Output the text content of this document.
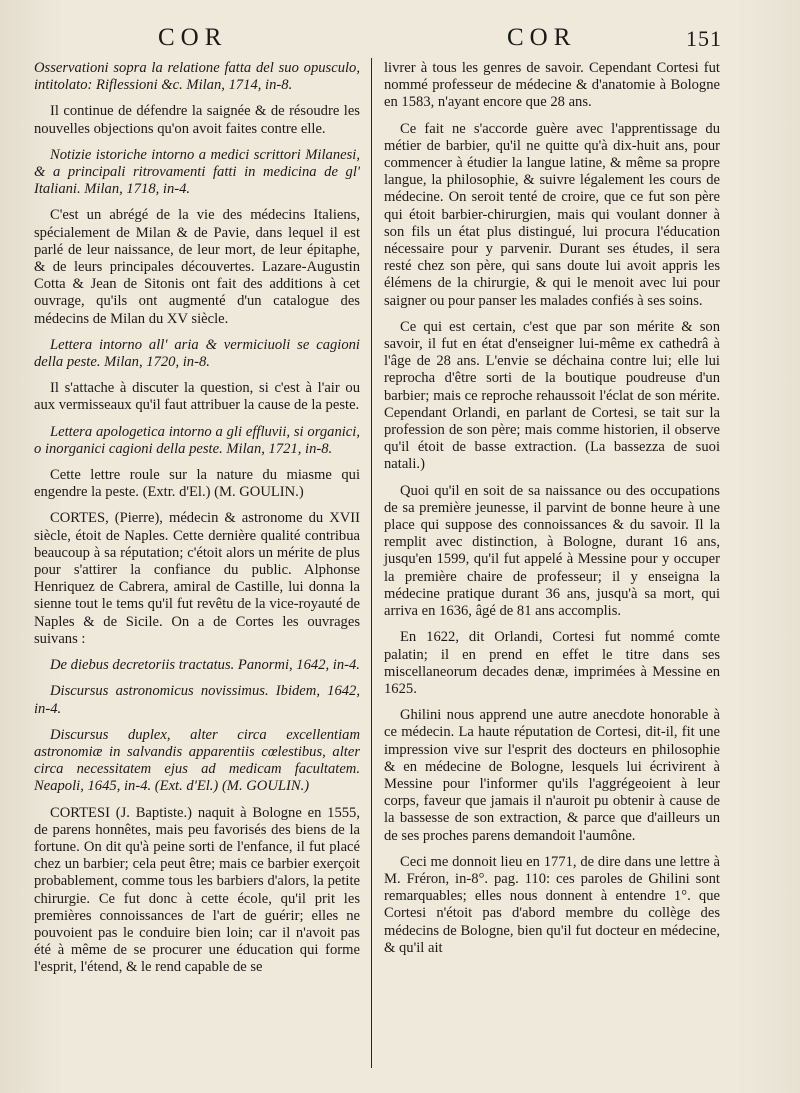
COR	COR	151

Osservationi sopra la relatione fatta del suo opusculo, intitolato: Riflessioni &c. Milan, 1714, in-8.

Il continue de défendre la saignée & de résoudre les nouvelles objections qu'on avoit faites contre elle.

Notizie istoriche intorno a medici scrittori Milanesi, & a principali ritrovamenti fatti in medicina de gl' Italiani. Milan, 1718, in-4.

C'est un abrégé de la vie des médecins Italiens, spécialement de Milan & de Pavie, dans lequel il est parlé de leur naissance, de leur mort, de leur épitaphe, & de leurs principales découvertes. Lazare-Augustin Cotta & Jean de Sitonis ont fait des additions à cet ouvrage, qu'ils ont augmenté d'un catalogue des médecins de Milan du XV siècle.

Lettera intorno all' aria & vermiciuoli se cagioni della peste. Milan, 1720, in-8.

Il s'attache à discuter la question, si c'est à l'air ou aux vermisseaux qu'il faut attribuer la cause de la peste.

Lettera apologetica intorno a gli effluvii, si organici, o inorganici cagioni della peste. Milan, 1721, in-8.

Cette lettre roule sur la nature du miasme qui engendre la peste. (Extr. d'El.) (M. GOULIN.)

CORTES, (Pierre), médecin & astronome du XVII siècle, étoit de Naples. Cette dernière qualité contribua beaucoup à sa réputation; c'étoit alors un mérite de plus pour s'attirer la confiance du public. Alphonse Henriquez de Cabrera, amiral de Castille, lui donna la sienne tout le tems qu'il fut revêtu de la vice-royauté de Naples & de Sicile. On a de Cortes les ouvrages suivans :

De diebus decretoriis tractatus. Panormi, 1642, in-4.

Discursus astronomicus novissimus. Ibidem, 1642, in-4.

Discursus duplex, alter circa excellentiam astronomiæ in salvandis apparentiis cœlestibus, alter circa necessitatem ejus ad medicam facultatem. Neapoli, 1645, in-4. (Ext. d'El.) (M. GOULIN.)

CORTESI (J. Baptiste.) naquit à Bologne en 1555, de parens honnêtes, mais peu favorisés des biens de la fortune. On dit qu'à peine sorti de l'enfance, il fut placé chez un barbier; cela peut être; mais ce barbier exerçoit probablement, comme tous les barbiers d'alors, la petite chirurgie. Ce fut donc à cette école, qu'il prit les premières connoissances de l'art de guérir; elles ne pouvoient pas le conduire bien loin; car il n'avoit pas été à même de se procurer une éducation qui forme l'esprit, l'étend, & le rend capable de se

livrer à tous les genres de savoir. Cependant Cortesi fut nommé professeur de médecine & d'anatomie à Bologne en 1583, n'ayant encore que 28 ans.

Ce fait ne s'accorde guère avec l'apprentissage du métier de barbier, qu'il ne quitte qu'à dix-huit ans, pour commencer à étudier la langue latine, & même sa propre langue, la philosophie, & suivre légalement les cours de médecine. On seroit tenté de croire, que ce fut son père qui étoit barbier-chirurgien, mais qui voulant donner à son fils un état plus distingué, lui procura l'éducation nécessaire pour y parvenir. Durant ses études, il sera resté chez son père, qui sans doute lui avoit appris les élémens de la chirurgie, & qui le menoit avec lui pour saigner ou pour panser les malades confiés à ses soins.

Ce qui est certain, c'est que par son mérite & son savoir, il fut en état d'enseigner lui-même ex cathedrâ à l'âge de 28 ans. L'envie se déchaina contre lui; elle lui reprocha d'être sorti de la boutique poudreuse d'un barbier; mais ce reproche rehaussoit l'éclat de son mérite. Cependant Orlandi, en parlant de Cortesi, se tait sur la profession de son père; mais comme historien, il observe qu'il étoit de basse extraction. (La bassezza de suoi natali.)

Quoi qu'il en soit de sa naissance ou des occupations de sa première jeunesse, il parvint de bonne heure à une place qui suppose des connoissances & du savoir. Il la remplit avec distinction, à Bologne, durant 16 ans, jusqu'en 1599, qu'il fut appelé à Messine pour y occuper la première chaire de professeur; il y enseigna la médecine pratique durant 36 ans, jusqu'à sa mort, qui arriva en 1636, âgé de 81 ans accomplis.

En 1622, dit Orlandi, Cortesi fut nommé comte palatin; il en prend en effet le titre dans ses miscellaneorum decades denæ, imprimées à Messine en 1625.

Ghilini nous apprend une autre anecdote honorable à ce médecin. La haute réputation de Cortesi, dit-il, fit une impression vive sur l'esprit des docteurs en philosophie & en médecine de Bologne, lesquels lui écrivirent à Messine pour l'informer qu'ils l'aggrégeoient à leur corps, faveur que jamais il n'auroit pu obtenir à cause de la bassesse de son extraction, & parce que d'ailleurs un de ses proches parens demandoit l'aumône.

Ceci me donnoit lieu en 1771, de dire dans une lettre à M. Fréron, in-8°. pag. 110: ces paroles de Ghilini sont remarquables; elles nous donnent à entendre 1°. que Cortesi n'étoit pas d'abord membre du collège des médecins de Bologne, bien qu'il fut docteur en médecine, & qu'il ait
